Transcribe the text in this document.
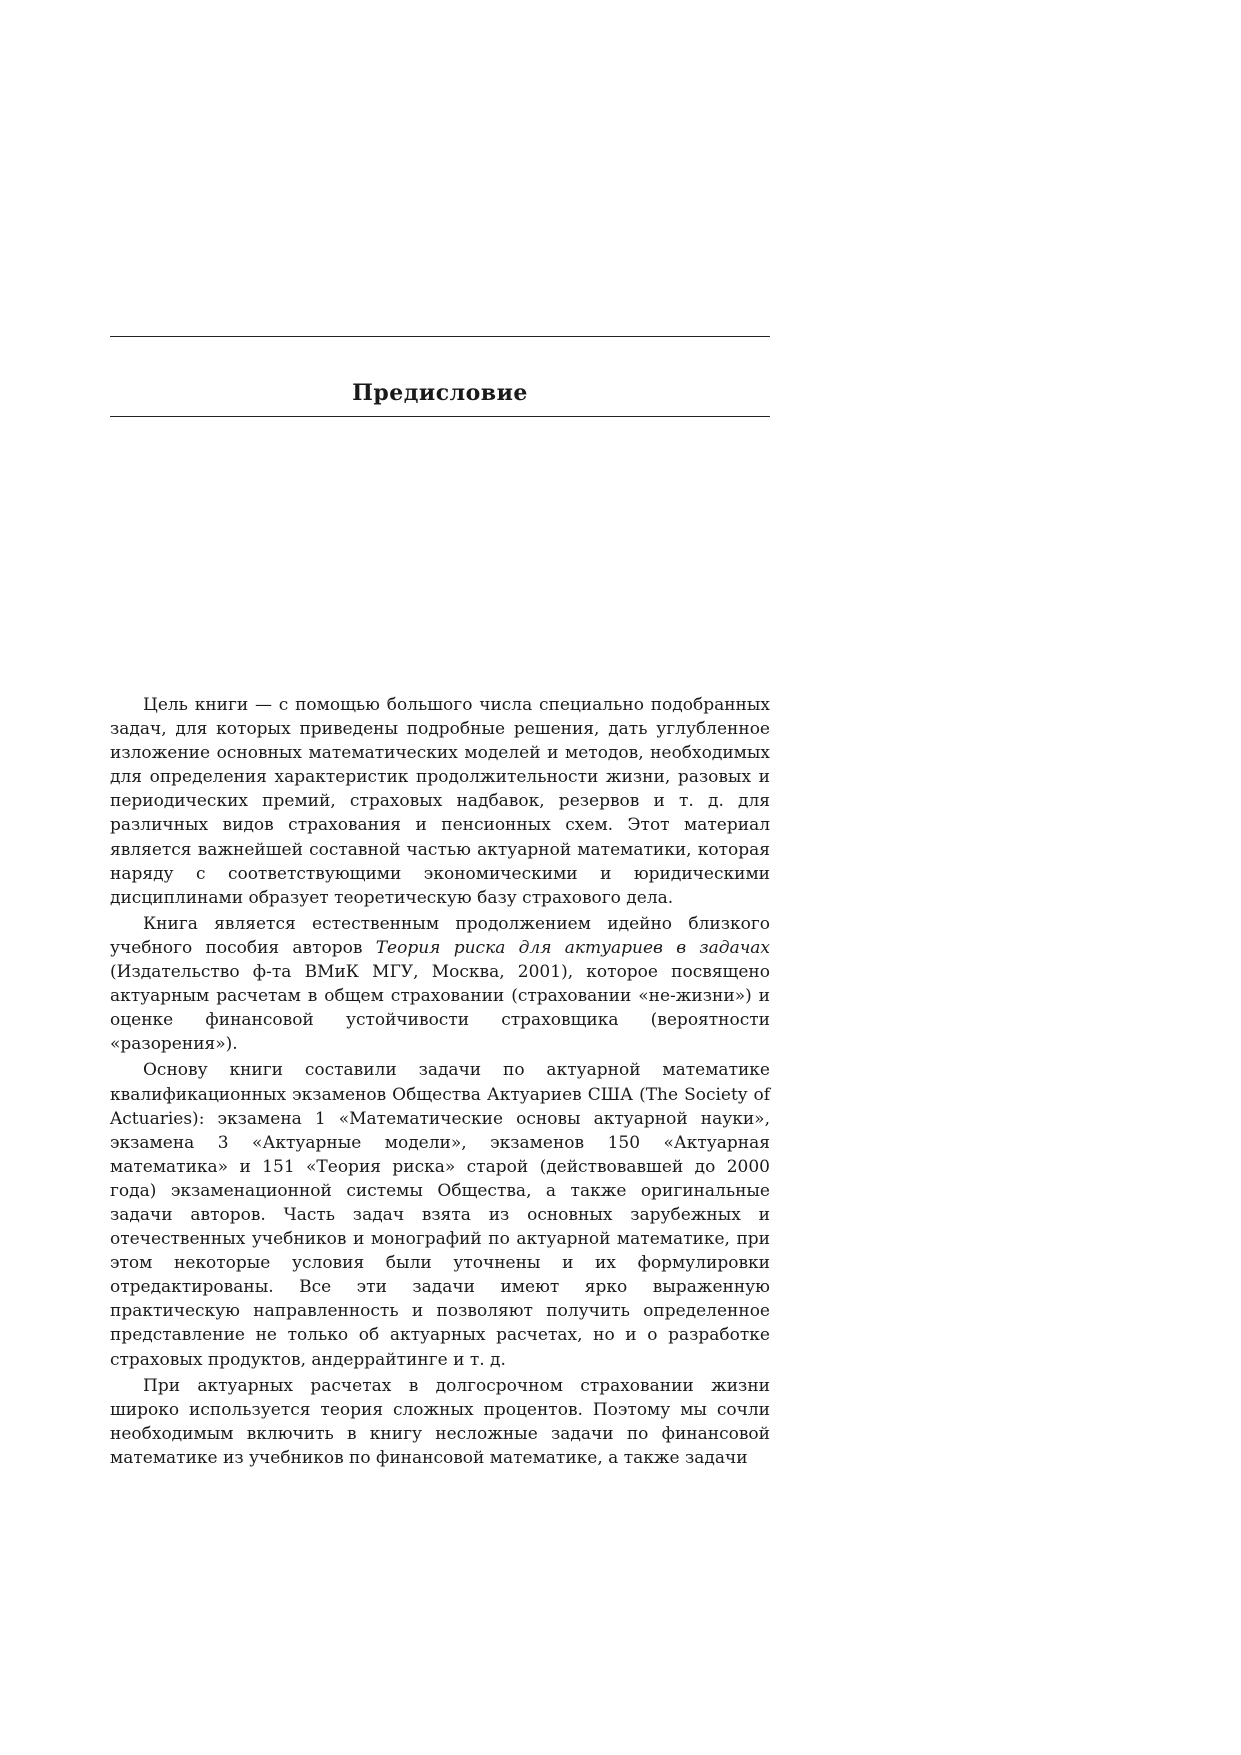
Предисловие

Цель книги — с помощью большого числа специально подобранных задач, для которых приведены подробные решения, дать углубленное изложение основных математических моделей и методов, необходимых для определения характеристик продолжительности жизни, разовых и периодических премий, страховых надбавок, резервов и т. д. для различных видов страхования и пенсионных схем. Этот материал является важнейшей составной частью актуарной математики, которая наряду с соответствующими экономическими и юридическими дисциплинами образует теоретическую базу страхового дела.

Книга является естественным продолжением идейно близкого учебного пособия авторов Теория риска для актуариев в задачах (Издательство ф-та ВМиК МГУ, Москва, 2001), которое посвящено актуарным расчетам в общем страховании (страховании «не-жизни») и оценке финансовой устойчивости страховщика (вероятности «разорения»).

Основу книги составили задачи по актуарной математике квалификационных экзаменов Общества Актуариев США (The Society of Actuaries): экзамена 1 «Математические основы актуарной науки», экзамена 3 «Актуарные модели», экзаменов 150 «Актуарная математика» и 151 «Теория риска» старой (действовавшей до 2000 года) экзаменационной системы Общества, а также оригинальные задачи авторов. Часть задач взята из основных зарубежных и отечественных учебников и монографий по актуарной математике, при этом некоторые условия были уточнены и их формулировки отредактированы. Все эти задачи имеют ярко выраженную практическую направленность и позволяют получить определенное представление не только об актуарных расчетах, но и о разработке страховых продуктов, андеррайтинге и т. д.

При актуарных расчетах в долгосрочном страховании жизни широко используется теория сложных процентов. Поэтому мы сочли необходимым включить в книгу несложные задачи по финансовой математике из учебников по финансовой математике, а также задачи
